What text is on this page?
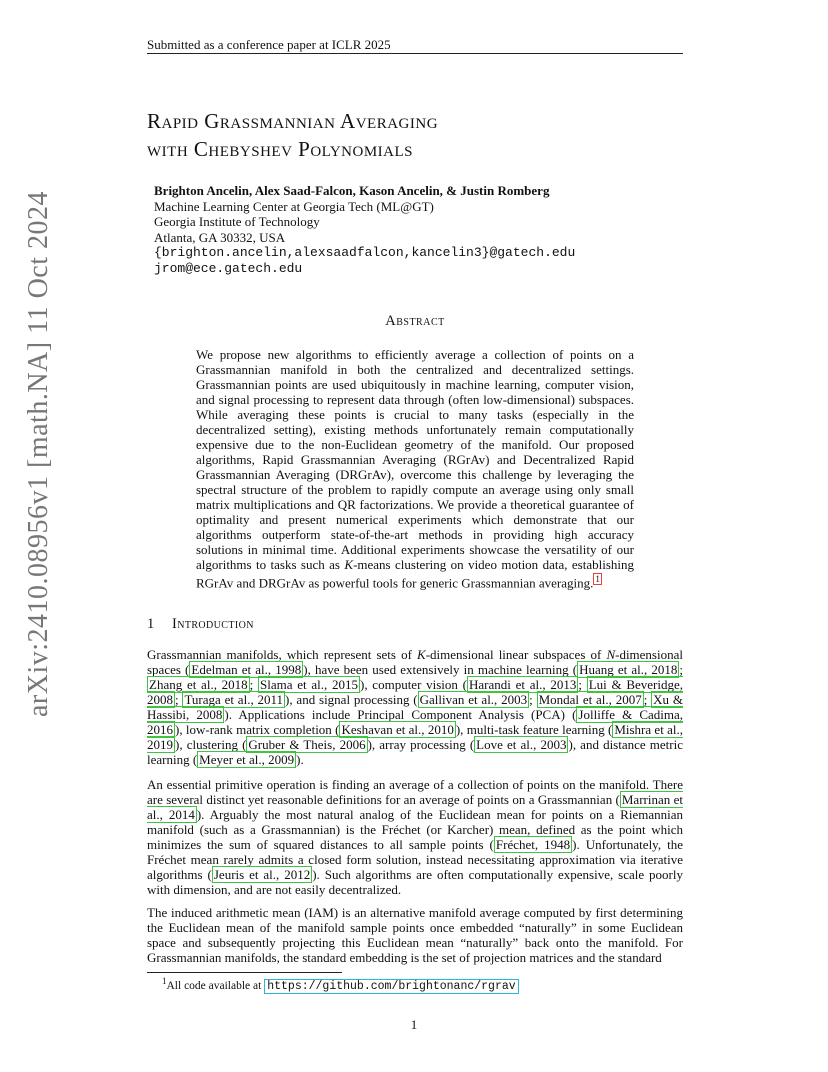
Submitted as a conference paper at ICLR 2025
arXiv:2410.08956v1 [math.NA] 11 Oct 2024
Rapid Grassmannian Averaging
with Chebyshev Polynomials
Brighton Ancelin, Alex Saad-Falcon, Kason Ancelin, & Justin Romberg
Machine Learning Center at Georgia Tech (ML@GT)
Georgia Institute of Technology
Atlanta, GA 30332, USA
{brighton.ancelin,alexsaadfalcon,kancelin3}@gatech.edu
jrom@ece.gatech.edu
Abstract
We propose new algorithms to efficiently average a collection of points on a Grassmannian manifold in both the centralized and decentralized settings. Grassmannian points are used ubiquitously in machine learning, computer vision, and signal processing to represent data through (often low-dimensional) subspaces. While averaging these points is crucial to many tasks (especially in the decentralized setting), existing methods unfortunately remain computationally expensive due to the non-Euclidean geometry of the manifold. Our proposed algorithms, Rapid Grassmannian Averaging (RGrAv) and Decentralized Rapid Grassmannian Averaging (DRGrAv), overcome this challenge by leveraging the spectral structure of the problem to rapidly compute an average using only small matrix multiplications and QR factorizations. We provide a theoretical guarantee of optimality and present numerical experiments which demonstrate that our algorithms outperform state-of-the-art methods in providing high accuracy solutions in minimal time. Additional experiments showcase the versatility of our algorithms to tasks such as K-means clustering on video motion data, establishing RGrAv and DRGrAv as powerful tools for generic Grassmannian averaging. $^1$
1 Introduction
Grassmannian manifolds, which represent sets of K-dimensional linear subspaces of N-dimensional spaces ( Edelman et al., 1998 ), have been used extensively in machine learning ( Huang et al., 2018 ; Zhang et al., 2018 ; Slama et al., 2015 ), computer vision ( Harandi et al., 2013 ; Lui & Beveridge, 2008 ; Turaga et al., 2011 ), and signal processing ( Gallivan et al., 2003 ; Mondal et al., 2007 ; Xu & Hassibi, 2008 ). Applications include Principal Component Analysis (PCA) ( Jolliffe & Cadima, 2016 ), low-rank matrix completion ( Keshavan et al., 2010 ), multi-task feature learning ( Mishra et al., 2019 ), clustering ( Gruber & Theis, 2006 ), array processing ( Love et al., 2003 ), and distance metric learning ( Meyer et al., 2009 ).
An essential primitive operation is finding an average of a collection of points on the manifold. There are several distinct yet reasonable definitions for an average of points on a Grassmannian ( Marrinan et al., 2014 ). Arguably the most natural analog of the Euclidean mean for points on a Riemannian manifold (such as a Grassmannian) is the Fréchet (or Karcher) mean, defined as the point which minimizes the sum of squared distances to all sample points ( Fréchet, 1948 ). Unfortunately, the Fréchet mean rarely admits a closed form solution, instead necessitating approximation via iterative algorithms ( Jeuris et al., 2012 ). Such algorithms are often computationally expensive, scale poorly with dimension, and are not easily decentralized.
The induced arithmetic mean (IAM) is an alternative manifold average computed by first determining the Euclidean mean of the manifold sample points once embedded “naturally” in some Euclidean space and subsequently projecting this Euclidean mean “naturally” back onto the manifold. For Grassmannian manifolds, the standard embedding is the set of projection matrices and the standard
$^1$All code available at https://github.com/brightonanc/rgrav
1
